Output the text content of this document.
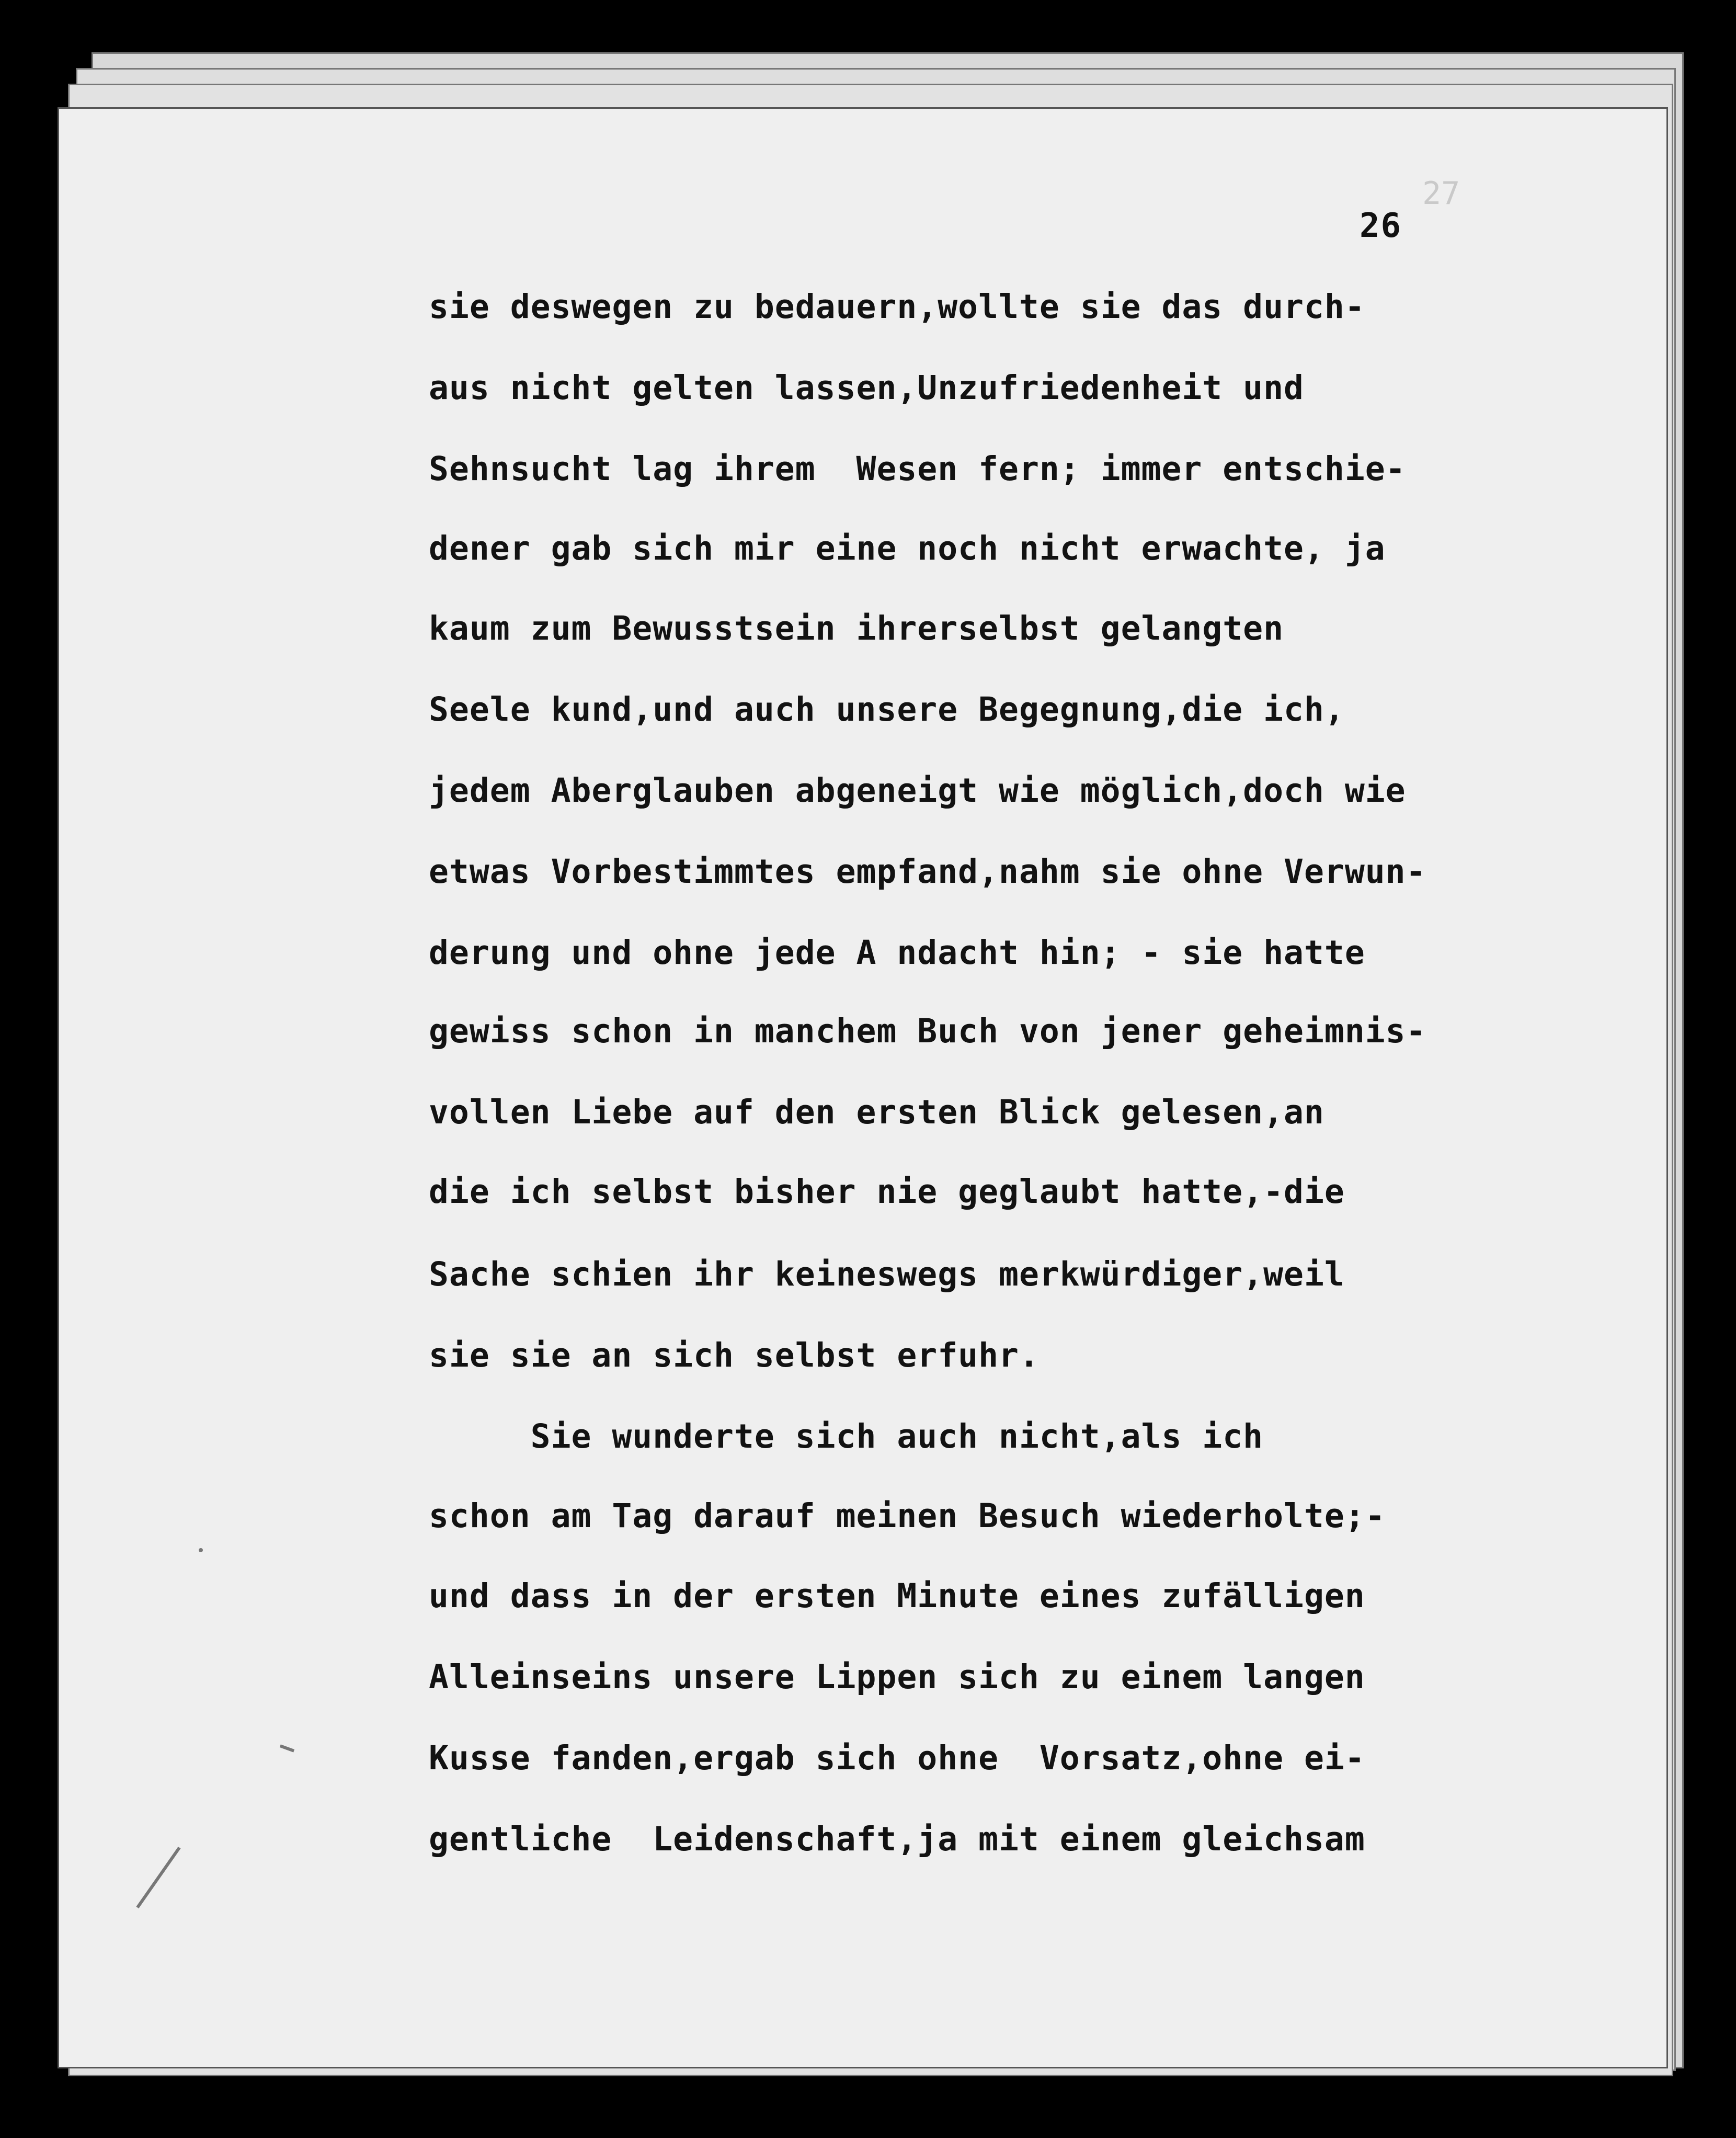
27
26
sie deswegen zu bedauern,wollte sie das durch-
aus nicht gelten lassen,Unzufriedenheit und
Sehnsucht lag ihrem  Wesen fern; immer entschie-
dener gab sich mir eine noch nicht erwachte, ja
kaum zum Bewusstsein ihrerselbst gelangten
Seele kund,und auch unsere Begegnung,die ich,
jedem Aberglauben abgeneigt wie möglich,doch wie
etwas Vorbestimmtes empfand,nahm sie ohne Verwun-
derung und ohne jede A ndacht hin; - sie hatte
gewiss schon in manchem Buch von jener geheimnis-
vollen Liebe auf den ersten Blick gelesen,an
die ich selbst bisher nie geglaubt hatte,-die
Sache schien ihr keineswegs merkwürdiger,weil
sie sie an sich selbst erfuhr.
Sie wunderte sich auch nicht,als ich
schon am Tag darauf meinen Besuch wiederholte;-
und dass in der ersten Minute eines zufälligen
Alleinseins unsere Lippen sich zu einem langen
Kusse fanden,ergab sich ohne  Vorsatz,ohne ei-
gentliche  Leidenschaft,ja mit einem gleichsam
